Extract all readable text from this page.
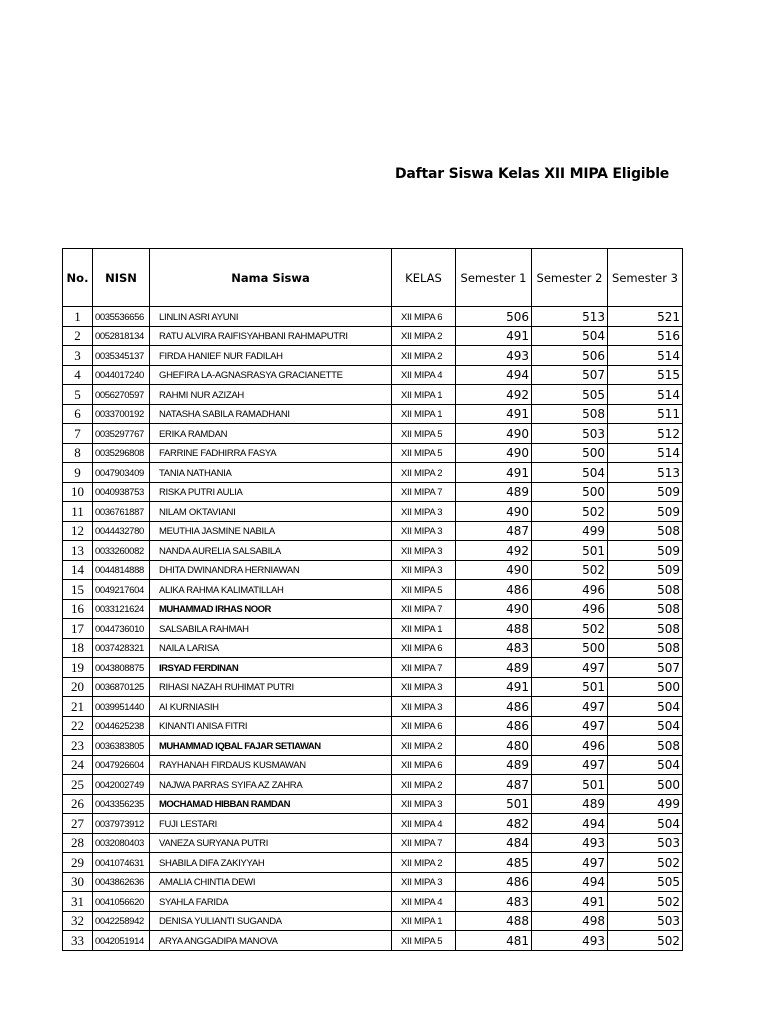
Daftar Siswa Kelas XII MIPA Eligible
No.	NISN	Nama Siswa	KELAS	Semester 1	Semester 2	Semester 3
1	0035536656	LINLIN ASRI AYUNI	XII MIPA 6	506	513	521
2	0052818134	RATU ALVIRA RAIFISYAHBANI RAHMAPUTRI	XII MIPA 2	491	504	516
3	0035345137	FIRDA HANIEF NUR FADILAH	XII MIPA 2	493	506	514
4	0044017240	GHEFIRA LA-AGNASRASYA GRACIANETTE	XII MIPA 4	494	507	515
5	0056270597	RAHMI NUR AZIZAH	XII MIPA 1	492	505	514
6	0033700192	NATASHA SABILA RAMADHANI	XII MIPA 1	491	508	511
7	0035297767	ERIKA RAMDAN	XII MIPA 5	490	503	512
8	0035296808	FARRINE FADHIRRA FASYA	XII MIPA 5	490	500	514
9	0047903409	TANIA NATHANIA	XII MIPA 2	491	504	513
10	0040938753	RISKA PUTRI AULIA	XII MIPA 7	489	500	509
11	0036761887	NILAM OKTAVIANI	XII MIPA 3	490	502	509
12	0044432780	MEUTHIA JASMINE NABILA	XII MIPA 3	487	499	508
13	0033260082	NANDA AURELIA SALSABILA	XII MIPA 3	492	501	509
14	0044814888	DHITA DWINANDRA HERNIAWAN	XII MIPA 3	490	502	509
15	0049217604	ALIKA RAHMA KALIMATILLAH	XII MIPA 5	486	496	508
16	0033121624	MUHAMMAD IRHAS NOOR	XII MIPA 7	490	496	508
17	0044736010	SALSABILA RAHMAH	XII MIPA 1	488	502	508
18	0037428321	NAILA LARISA	XII MIPA 6	483	500	508
19	0043808875	IRSYAD FERDINAN	XII MIPA 7	489	497	507
20	0036870125	RIHASI NAZAH RUHIMAT PUTRI	XII MIPA 3	491	501	500
21	0039951440	AI KURNIASIH	XII MIPA 3	486	497	504
22	0044625238	KINANTI ANISA FITRI	XII MIPA 6	486	497	504
23	0036383805	MUHAMMAD IQBAL FAJAR SETIAWAN	XII MIPA 2	480	496	508
24	0047926604	RAYHANAH FIRDAUS KUSMAWAN	XII MIPA 6	489	497	504
25	0042002749	NAJWA PARRAS SYIFA AZ ZAHRA	XII MIPA 2	487	501	500
26	0043356235	MOCHAMAD HIBBAN RAMDAN	XII MIPA 3	501	489	499
27	0037973912	FUJI LESTARI	XII MIPA 4	482	494	504
28	0032080403	VANEZA SURYANA PUTRI	XII MIPA 7	484	493	503
29	0041074631	SHABILA DIFA ZAKIYYAH	XII MIPA 2	485	497	502
30	0043862636	AMALIA CHINTIA DEWI	XII MIPA 3	486	494	505
31	0041056620	SYAHLA FARIDA	XII MIPA 4	483	491	502
32	0042258942	DENISA YULIANTI SUGANDA	XII MIPA 1	488	498	503
33	0042051914	ARYA ANGGADIPA MANOVA	XII MIPA 5	481	493	502
